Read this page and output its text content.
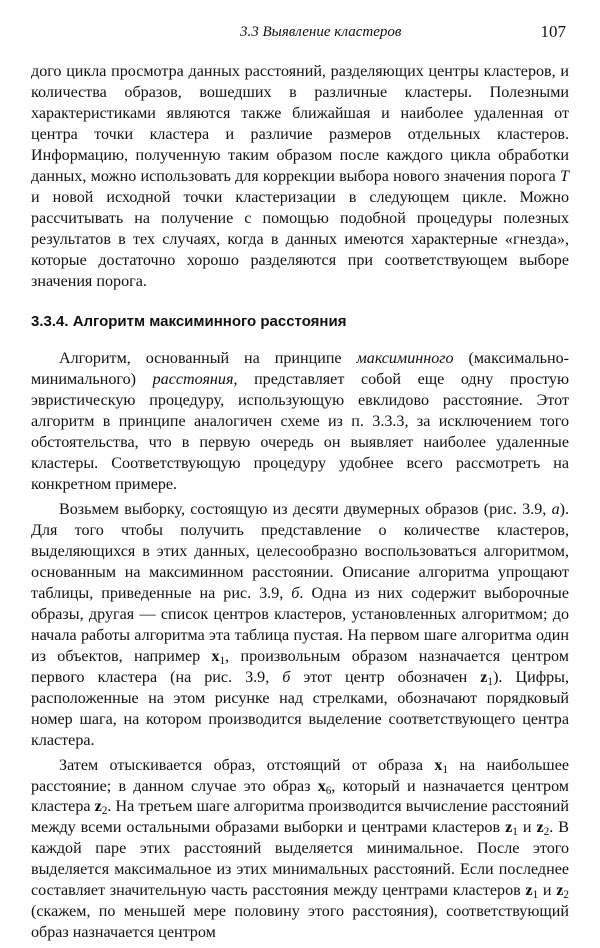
3.3 Выявление кластеров	107

дого цикла просмотра данных расстояний, разделяющих центры кластеров, и количества образов, вошедших в различные кластеры. Полезными характеристиками являются также ближайшая и наиболее удаленная от центра точки кластера и различие размеров отдельных кластеров. Информацию, полученную таким образом после каждого цикла обработки данных, можно использовать для коррекции выбора нового значения порога T и новой исходной точки кластеризации в следующем цикле. Можно рассчитывать на получение с помощью подобной процедуры полезных результатов в тех случаях, когда в данных имеются характерные «гнезда», которые достаточно хорошо разделяются при соответствующем выборе значения порога.

3.3.4. Алгоритм максиминного расстояния

Алгоритм, основанный на принципе максиминного (максимально-минимального) расстояния, представляет собой еще одну простую эвристическую процедуру, использующую евклидово расстояние. Этот алгоритм в принципе аналогичен схеме из п. 3.3.3, за исключением того обстоятельства, что в первую очередь он выявляет наиболее удаленные кластеры. Соответствующую процедуру удобнее всего рассмотреть на конкретном примере.

Возьмем выборку, состоящую из десяти двумерных образов (рис. 3.9, а). Для того чтобы получить представление о количестве кластеров, выделяющихся в этих данных, целесообразно воспользоваться алгоритмом, основанным на максиминном расстоянии. Описание алгоритма упрощают таблицы, приведенные на рис. 3.9, б. Одна из них содержит выборочные образы, другая — список центров кластеров, установленных алгоритмом; до начала работы алгоритма эта таблица пустая. На первом шаге алгоритма один из объектов, например x1, произвольным образом назначается центром первого кластера (на рис. 3.9, б этот центр обозначен z1). Цифры, расположенные на этом рисунке над стрелками, обозначают порядковый номер шага, на котором производится выделение соответствующего центра кластера.

Затем отыскивается образ, отстоящий от образа x1 на наибольшее расстояние; в данном случае это образ x6, который и назначается центром кластера z2. На третьем шаге алгоритма производится вычисление расстояний между всеми остальными образами выборки и центрами кластеров z1 и z2. В каждой паре этих расстояний выделяется минимальное. После этого выделяется максимальное из этих минимальных расстояний. Если последнее составляет значительную часть расстояния между центрами кластеров z1 и z2 (скажем, по меньшей мере половину этого расстояния), соответствующий образ назначается центром
